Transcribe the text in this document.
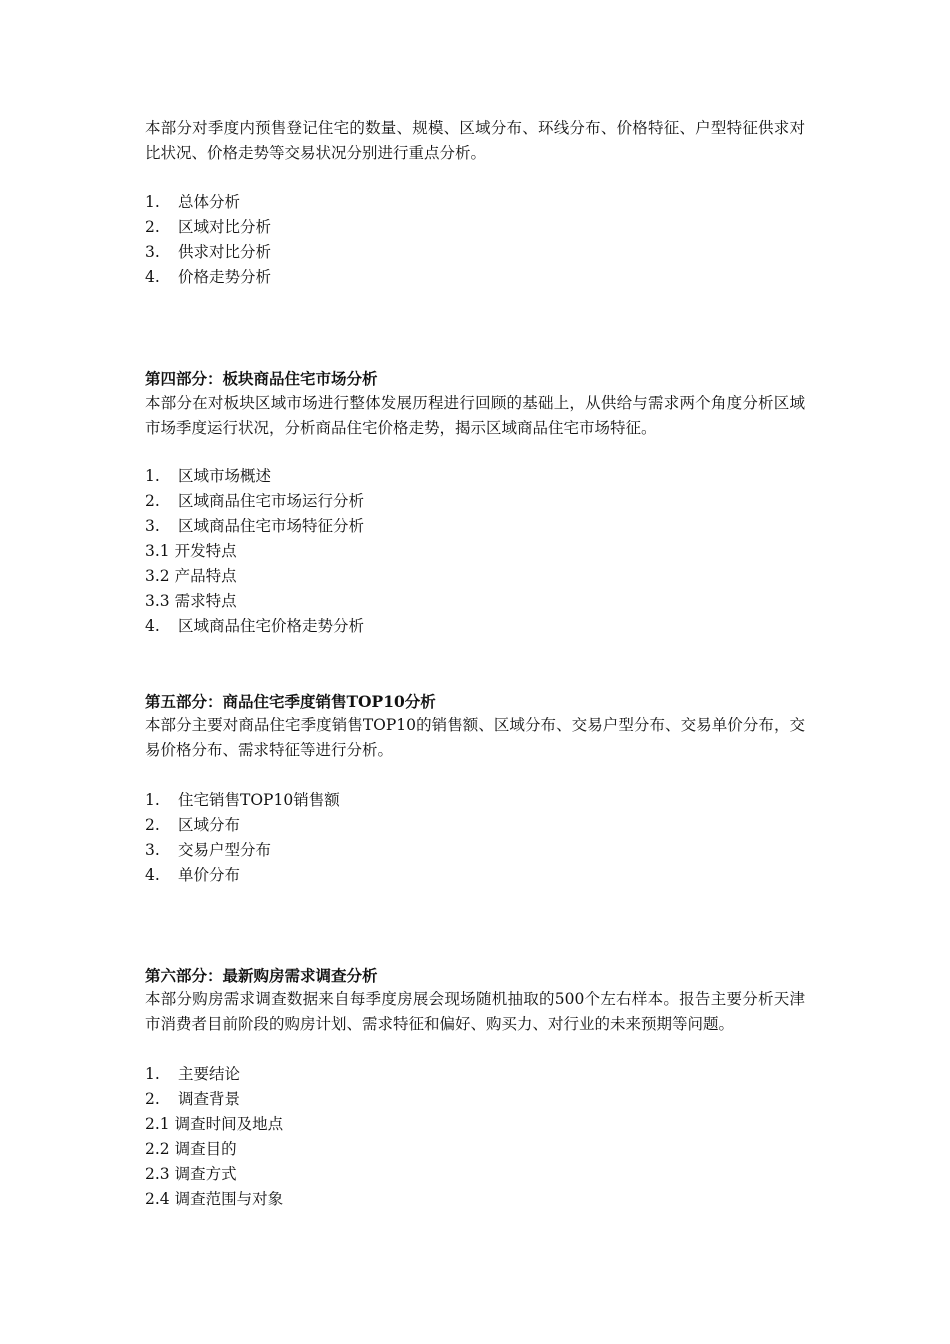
本部分对季度内预售登记住宅的数量、规模、区域分布、环线分布、价格特征、户型特征供求对比状况、价格走势等交易状况分别进行重点分析。

1. 总体分析
2. 区域对比分析
3. 供求对比分析
4. 价格走势分析
第四部分：板块商品住宅市场分析

本部分在对板块区域市场进行整体发展历程进行回顾的基础上，从供给与需求两个角度分析区域市场季度运行状况，分析商品住宅价格走势，揭示区域商品住宅市场特征。

1. 区域市场概述
2. 区域商品住宅市场运行分析
3. 区域商品住宅市场特征分析
3.1 开发特点
3.2 产品特点
3.3 需求特点
4. 区域商品住宅价格走势分析
第五部分：商品住宅季度销售TOP10分析

本部分主要对商品住宅季度销售TOP10的销售额、区域分布、交易户型分布、交易单价分布，交易价格分布、需求特征等进行分析。

1. 住宅销售TOP10销售额
2. 区域分布
3. 交易户型分布
4. 单价分布
第六部分：最新购房需求调查分析

本部分购房需求调查数据来自每季度房展会现场随机抽取的500个左右样本。报告主要分析天津市消费者目前阶段的购房计划、需求特征和偏好、购买力、对行业的未来预期等问题。

1. 主要结论
2. 调查背景
2.1 调查时间及地点
2.2 调查目的
2.3 调查方式
2.4 调查范围与对象
